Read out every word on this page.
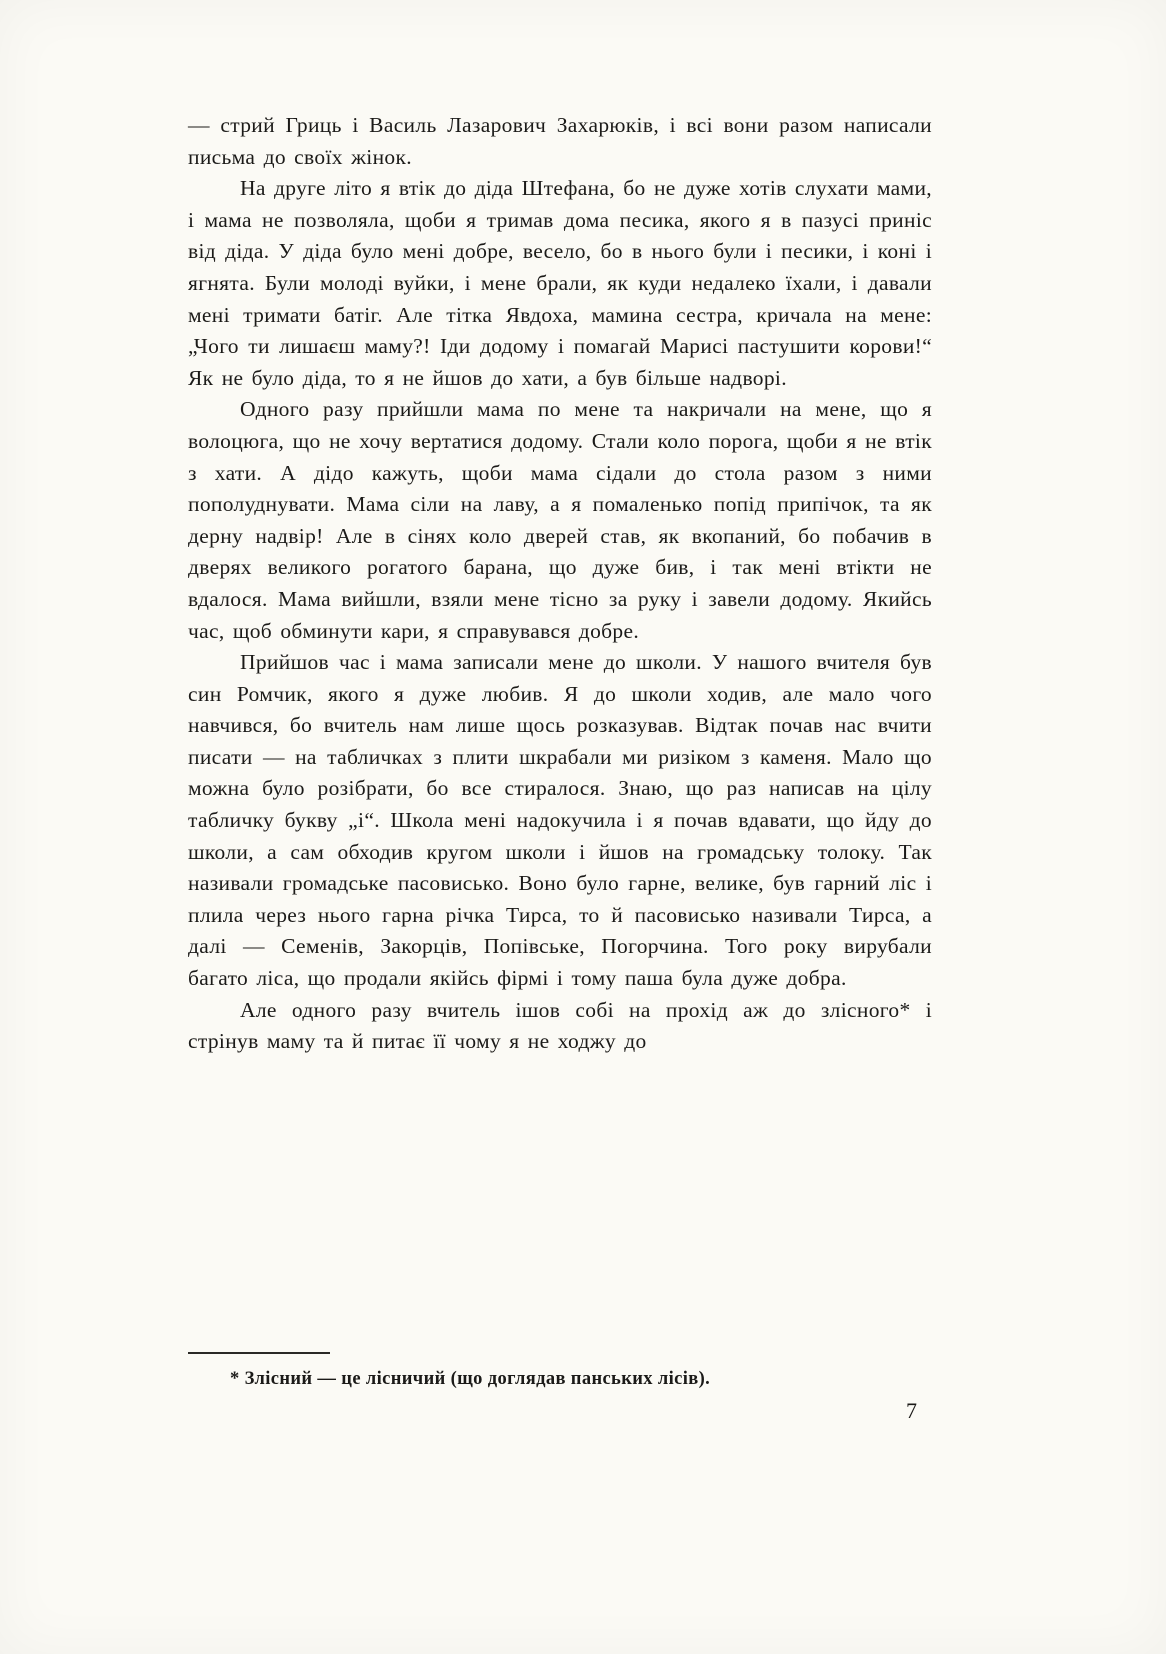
— стрий Гриць і Василь Лазарович Захарюків, і всі вони разом написали письма до своїх жінок.

На друге літо я втік до діда Штефана, бо не дуже хотів слухати мами, і мама не позволяла, щоби я тримав дома песика, якого я в пазусі приніс від діда. У діда було мені добре, весело, бо в нього були і песики, і коні і ягнята. Були молоді вуйки, і мене брали, як куди недалеко їхали, і давали мені тримати батіг. Але тітка Явдоха, мамина сестра, кричала на мене: „Чого ти лишаєш маму?! Іди додому і помагай Марисі пастушити корови!“ Як не було діда, то я не йшов до хати, а був більше надворі.

Одного разу прийшли мама по мене та накричали на мене, що я волоцюга, що не хочу вертатися додому. Стали коло порога, щоби я не втік з хати. А дідо кажуть, щоби мама сідали до стола разом з ними пополуднувати. Мама сіли на лаву, а я помаленько попід припічок, та як дерну надвір! Але в сінях коло дверей став, як вкопаний, бо побачив в дверях великого рогатого барана, що дуже бив, і так мені втікти не вдалося. Мама вийшли, взяли мене тісно за руку і завели додому. Якийсь час, щоб обминути кари, я справувався добре.

Прийшов час і мама записали мене до школи. У нашого вчителя був син Ромчик, якого я дуже любив. Я до школи ходив, але мало чого навчився, бо вчитель нам лише щось розказував. Відтак почав нас вчити писати — на табличках з плити шкрабали ми ризіком з каменя. Мало що можна було розібрати, бо все стиралося. Знаю, що раз написав на цілу табличку букву „і“. Школа мені надокучила і я почав вдавати, що йду до школи, а сам обходив кругом школи і йшов на громадську толоку. Так називали громадське пасовисько. Воно було гарне, велике, був гарний ліс і плила через нього гарна річка Тирса, то й пасовисько називали Тирса, а далі — Семенів, Закорців, Попівське, Погорчина. Того року вирубали багато ліса, що продали якійсь фірмі і тому паша була дуже добра.

Але одного разу вчитель ішов собі на прохід аж до злісного* і стрінув маму та й питає її чому я не ходжу до

* Злісний — це лісничий (що доглядав панських лісів).

7
